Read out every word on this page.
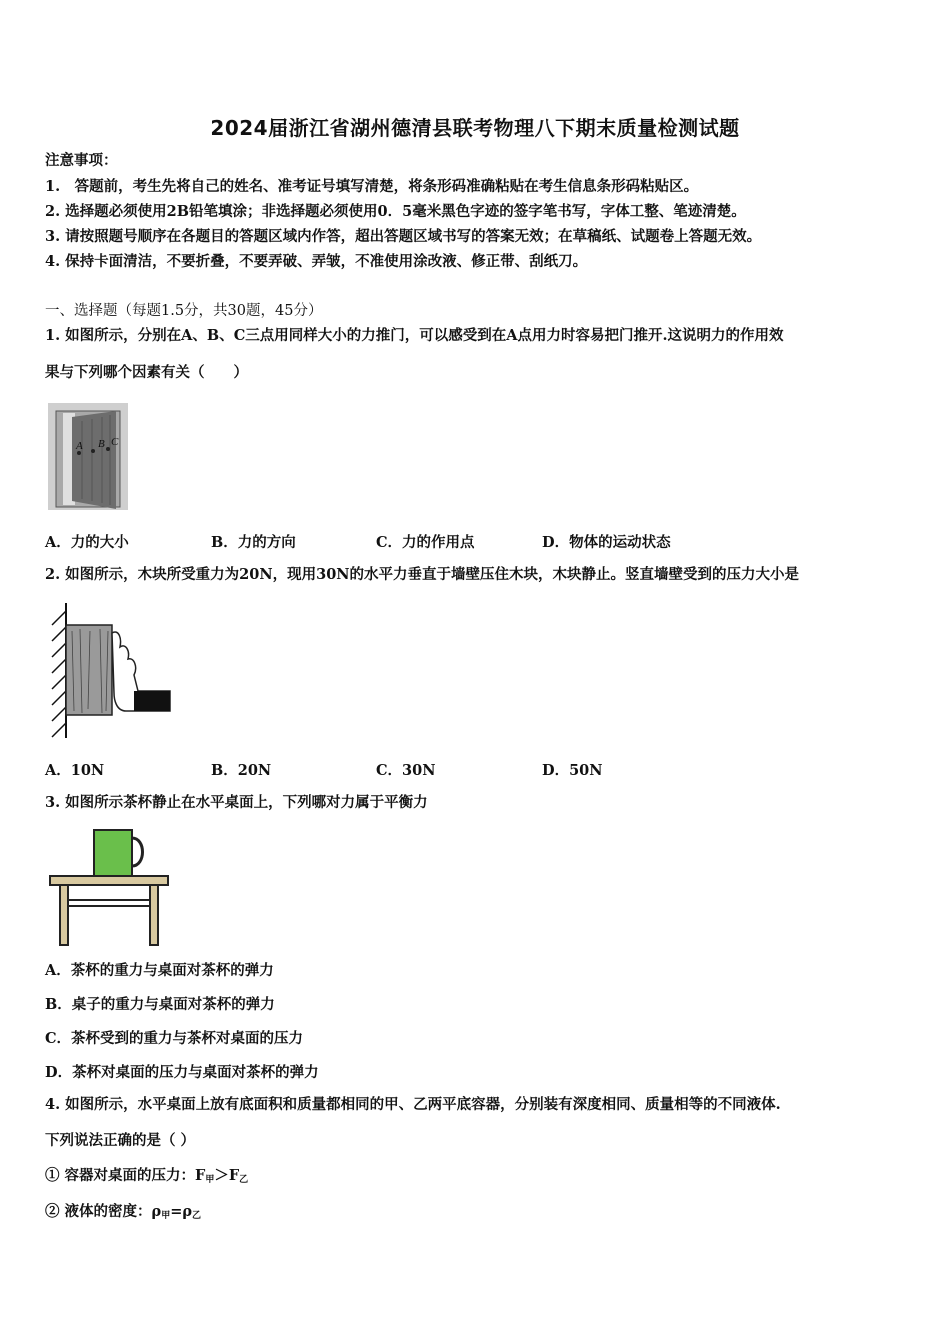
2024届浙江省湖州德清县联考物理八下期末质量检测试题
注意事项：
1.　答题前，考生先将自己的姓名、准考证号填写清楚，将条形码准确粘贴在考生信息条形码粘贴区。
2. 选择题必须使用2B铅笔填涂；非选择题必须使用0．5毫米黑色字迹的签字笔书写，字体工整、笔迹清楚。
3. 请按照题号顺序在各题目的答题区域内作答，超出答题区域书写的答案无效；在草稿纸、试题卷上答题无效。
4. 保持卡面清洁，不要折叠，不要弄破、弄皱，不准使用涂改液、修正带、刮纸刀。
一、选择题（每题1.5分，共30题，45分）
1. 如图所示，分别在A、B、C三点用同样大小的力推门，可以感受到在A点用力时容易把门推开.这说明力的作用效
果与下列哪个因素有关（　　）
A B C
A．力的大小	B．力的方向	C．力的作用点	D．物体的运动状态
2. 如图所示，木块所受重力为20N，现用30N的水平力垂直于墙壁压住木块，木块静止。竖直墙壁受到的压力大小是
A．10N	B．20N	C．30N	D．50N
3. 如图所示茶杯静止在水平桌面上，下列哪对力属于平衡力
A．茶杯的重力与桌面对茶杯的弹力
B．桌子的重力与桌面对茶杯的弹力
C．茶杯受到的重力与茶杯对桌面的压力
D．茶杯对桌面的压力与桌面对茶杯的弹力
4. 如图所示，水平桌面上放有底面积和质量都相同的甲、乙两平底容器，分别装有深度相同、质量相等的不同液体.
下列说法正确的是（ ）
① 容器对桌面的压力：$F_甲>F_乙$
② 液体的密度：$\rho_甲=\rho_乙$
